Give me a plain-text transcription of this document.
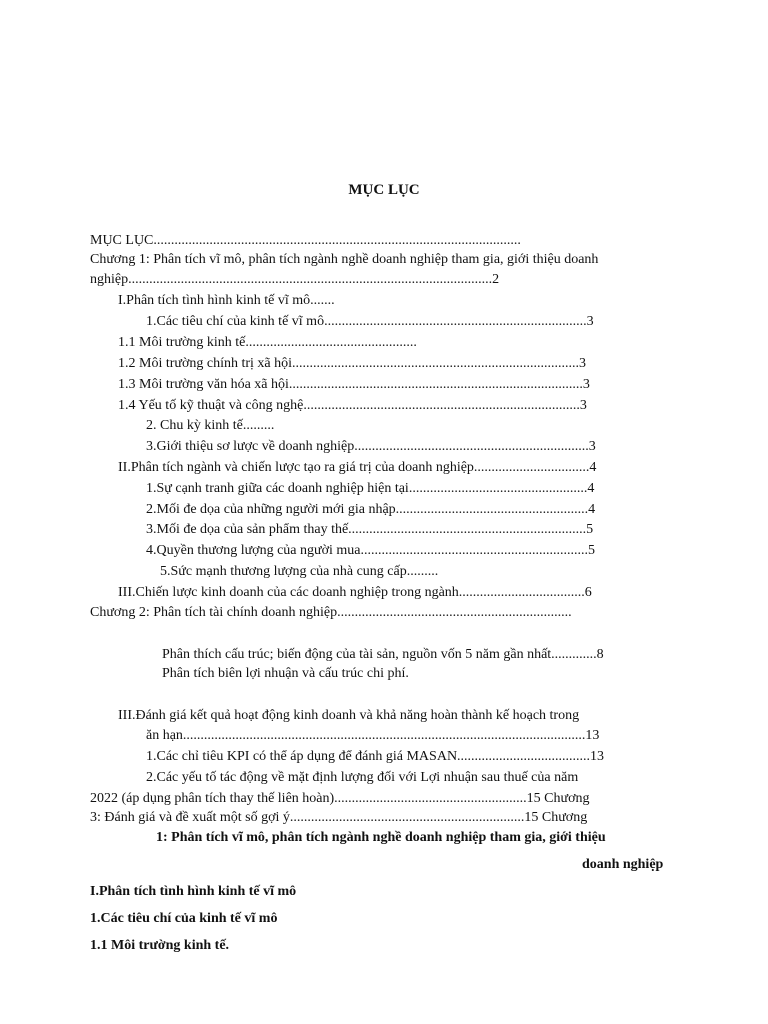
MỤC LỤC
MỤC LỤC.........................................................................................................
Chương 1: Phân tích vĩ mô, phân tích ngành nghề doanh nghiệp tham gia, giới thiệu doanh
nghiệp........................................................................................................2
I.Phân tích tình hình kinh tế vĩ mô.......
1.Các tiêu chí của kinh tế vĩ mô...........................................................................3
1.1 Môi trường kinh tế.................................................
1.2 Môi trường chính trị xã hội..................................................................................3
1.3 Môi trường văn hóa xã hội....................................................................................3
1.4 Yếu tố kỹ thuật và công nghệ...............................................................................3
2. Chu kỳ kinh tế.........
3.Giới thiệu sơ lược về doanh nghiệp...................................................................3
II.Phân tích ngành và chiến lược tạo ra giá trị của doanh nghiệp.................................4
1.Sự cạnh tranh giữa các doanh nghiệp hiện tại...................................................4
2.Mối đe dọa của những người mới gia nhập.......................................................4
3.Mối đe dọa của sản phẩm thay thế....................................................................5
4.Quyền thương lượng của người mua.................................................................5
5.Sức mạnh thương lượng của nhà cung cấp.........
III.Chiến lược kinh doanh của các doanh nghiệp trong ngành....................................6
Chương 2: Phân tích tài chính doanh nghiệp...................................................................
Phân thích cấu trúc; biến động của tài sản, nguồn vốn 5 năm gần nhất.............8
Phân tích biên lợi nhuận và cấu trúc chi phí.
III.Đánh giá kết quả hoạt động kinh doanh và khả năng hoàn thành kế hoạch trong
ăn hạn...................................................................................................................13
1.Các chỉ tiêu KPI có thể áp dụng để đánh giá MASAN......................................13
2.Các yếu tố tác động về mặt định lượng đối với Lợi nhuận sau thuế của năm
2022 (áp dụng phân tích thay thế liên hoàn).......................................................15 Chương
3: Đánh giá và đề xuất một số gợi ý...................................................................15 Chương
1: Phân tích vĩ mô, phân tích ngành nghề doanh nghiệp tham gia, giới thiệu
doanh nghiệp
I.Phân tích tình hình kinh tế vĩ mô
1.Các tiêu chí của kinh tế vĩ mô
1.1 Môi trường kinh tế.
